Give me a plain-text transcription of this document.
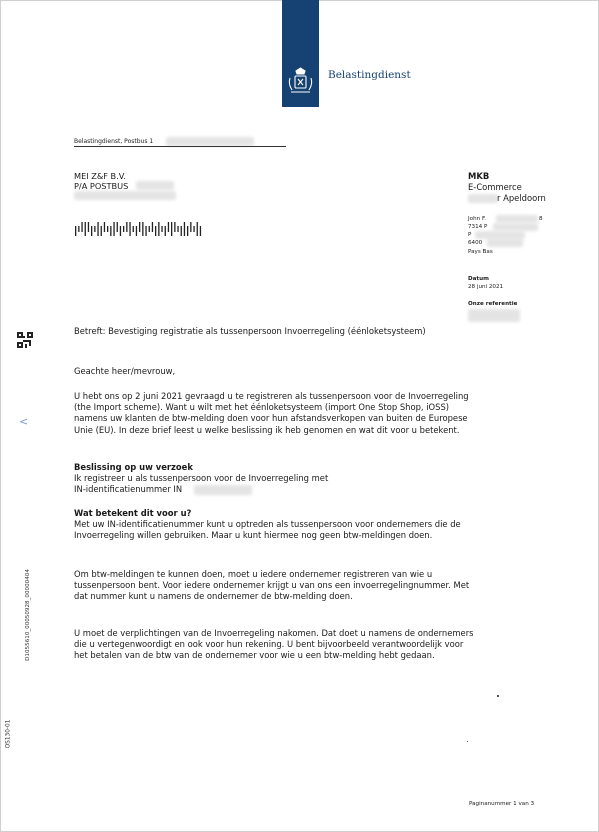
Belastingdienst
Belastingdienst, Postbus 1
MEI Z&F B.V.
P/A POSTBUS
MKB
E-Commerce
r Apeldoorn
John F.	8
7314 P
P
6400
Pays Bas
Datum
28 juni 2021
Onze referentie
<
D1055610_00050928_00000404
OS130-01
Betreft: Bevestiging registratie als tussenpersoon Invoerregeling (éénloketsysteem)
Geachte heer/mevrouw,
U hebt ons op 2 juni 2021 gevraagd u te registreren als tussenpersoon voor de Invoerregeling (the Import scheme). Want u wilt met het éénloketsysteem (import One Stop Shop, iOSS) namens uw klanten de btw-melding doen voor hun afstandsverkopen van buiten de Europese Unie (EU). In deze brief leest u welke beslissing ik heb genomen en wat dit voor u betekent.
Beslissing op uw verzoek
Ik registreer u als tussenpersoon voor de Invoerregeling met
IN-identificatienummer IN
Wat betekent dit voor u?
Met uw IN-identificatienummer kunt u optreden als tussenpersoon voor ondernemers die de Invoerregeling willen gebruiken. Maar u kunt hiermee nog geen btw-meldingen doen.
Om btw-meldingen te kunnen doen, moet u iedere ondernemer registreren van wie u tussenpersoon bent. Voor iedere ondernemer krijgt u van ons een invoerregelingnummer. Met dat nummer kunt u namens de ondernemer de btw-melding doen.
U moet de verplichtingen van de Invoerregeling nakomen. Dat doet u namens de ondernemers die u vertegenwoordigt en ook voor hun rekening. U bent bijvoorbeeld verantwoordelijk voor het betalen van de btw van de ondernemer voor wie u een btw-melding hebt gedaan.
Paginanummer 1 van 3
